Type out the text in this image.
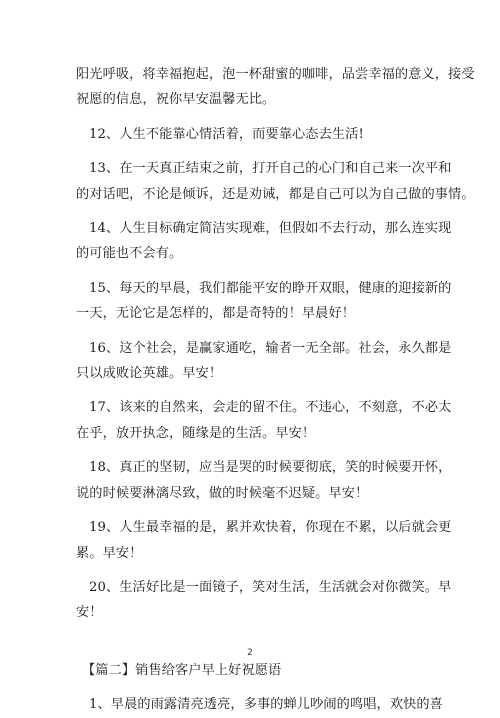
阳光呼吸，将幸福抱起，泡一杯甜蜜的咖啡，品尝幸福的意义，接受
祝愿的信息，祝你早安温馨无比。
12、人生不能靠心情活着，而要靠心态去生活!
13、在一天真正结束之前，打开自己的心门和自己来一次平和
的对话吧，不论是倾诉，还是劝诫，都是自己可以为自己做的事情。
14、人生目标确定简洁实现难，但假如不去行动，那么连实现
的可能也不会有。
15、每天的早晨，我们都能平安的睁开双眼，健康的迎接新的
一天，无论它是怎样的，都是奇特的！早晨好！
16、这个社会，是赢家通吃，输者一无全部。社会，永久都是
只以成败论英雄。早安！
17、该来的自然来，会走的留不住。不违心，不刻意，不必太
在乎，放开执念，随缘是的生活。早安！
18、真正的坚韧，应当是哭的时候要彻底，笑的时候要开怀，
说的时候要淋漓尽致，做的时候毫不迟疑。早安！
19、人生最幸福的是，累并欢快着，你现在不累，以后就会更
累。早安！
20、生活好比是一面镜子，笑对生活，生活就会对你微笑。早
安！
【篇二】销售给客户早上好祝愿语
1、早晨的雨露清亮透亮，多事的蝉儿吵闹的鸣唱，欢快的喜
2
